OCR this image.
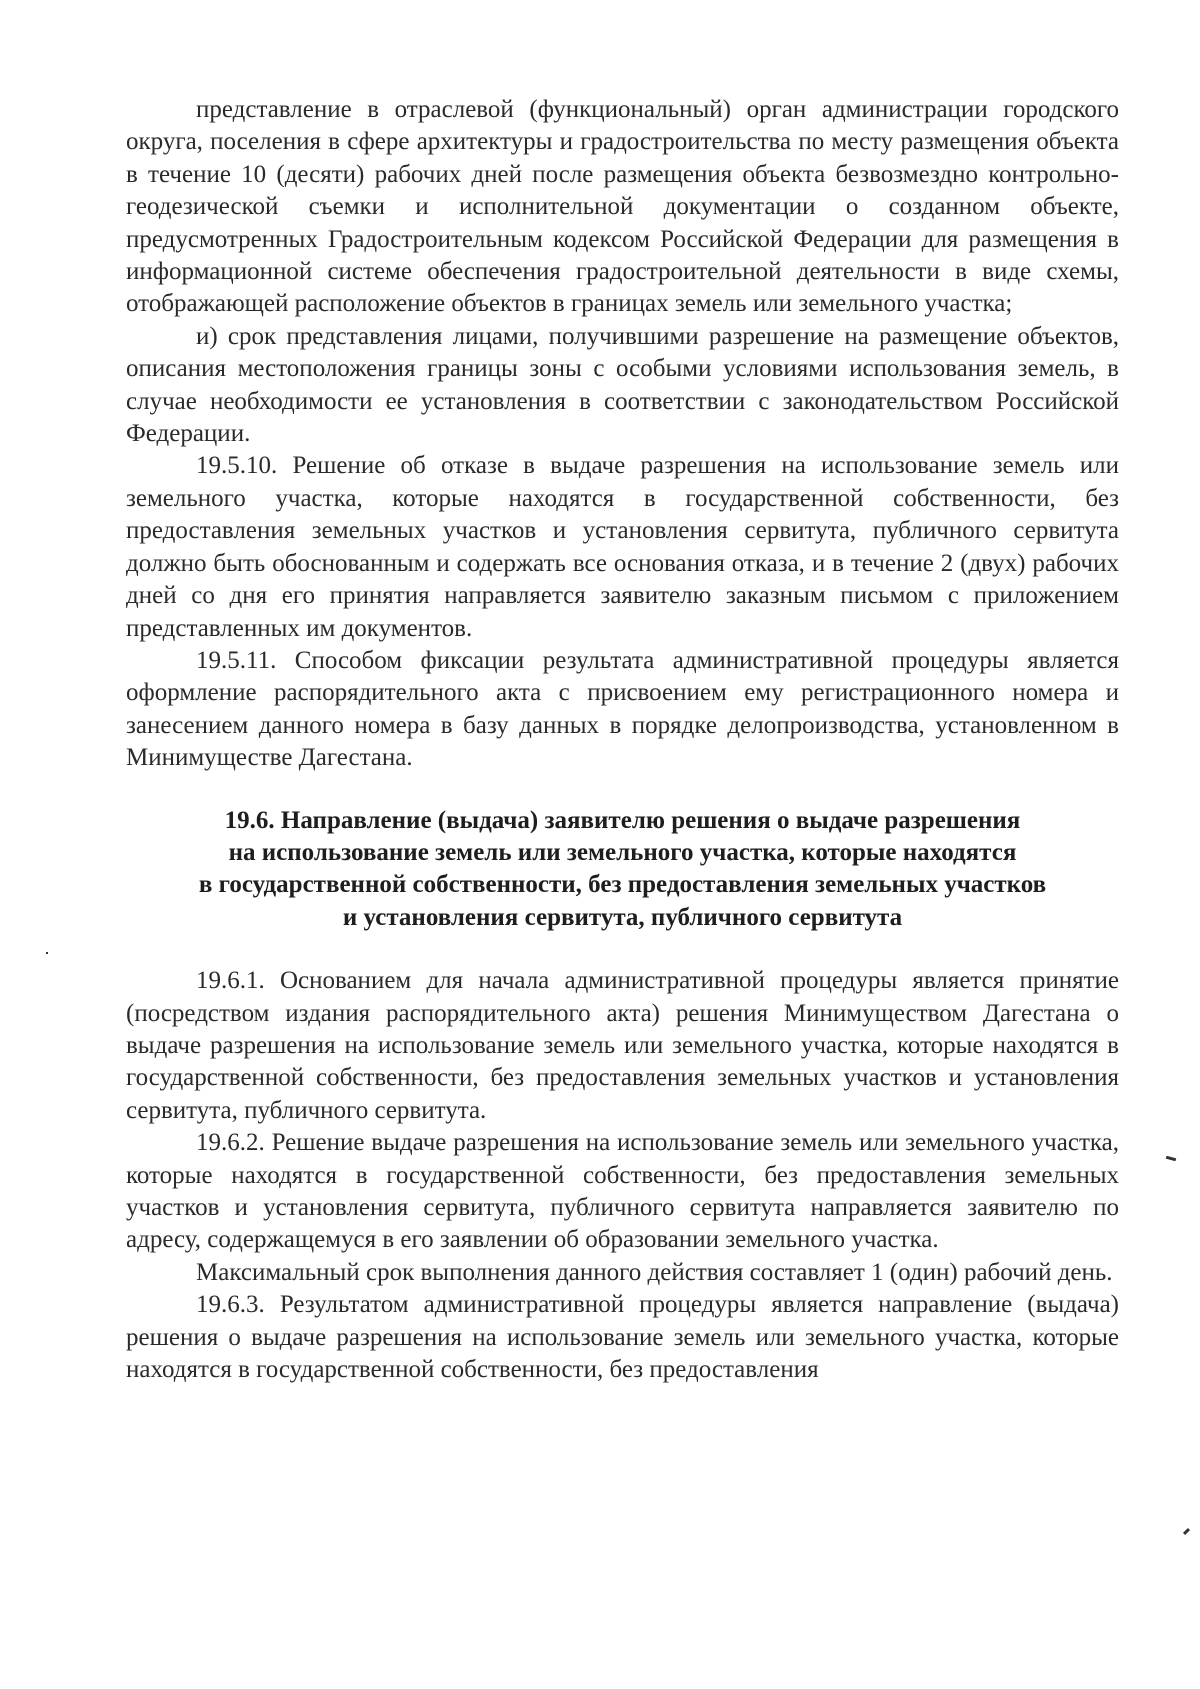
представление в отраслевой (функциональный) орган администрации городского округа, поселения в сфере архитектуры и градостроительства по месту размещения объекта в течение 10 (десяти) рабочих дней после размещения объекта безвозмездно контрольно-геодезической съемки и исполнительной документации о созданном объекте, предусмотренных Градостроительным кодексом Российской Федерации для размещения в информационной системе обеспечения градостроительной деятельности в виде схемы, отображающей расположение объектов в границах земель или земельного участка;

и) срок представления лицами, получившими разрешение на размещение объектов, описания местоположения границы зоны с особыми условиями использования земель, в случае необходимости ее установления в соответствии с законодательством Российской Федерации.

19.5.10. Решение об отказе в выдаче разрешения на использование земель или земельного участка, которые находятся в государственной собственности, без предоставления земельных участков и установления сервитута, публичного сервитута должно быть обоснованным и содержать все основания отказа, и в течение 2 (двух) рабочих дней со дня его принятия направляется заявителю заказным письмом с приложением представленных им документов.

19.5.11. Способом фиксации результата административной процедуры является оформление распорядительного акта с присвоением ему регистрационного номера и занесением данного номера в базу данных в порядке делопроизводства, установленном в Минимуществе Дагестана.

19.6. Направление (выдача) заявителю решения о выдаче разрешения
на использование земель или земельного участка, которые находятся
в государственной собственности, без предоставления земельных участков
и установления сервитута, публичного сервитута

19.6.1. Основанием для начала административной процедуры является принятие (посредством издания распорядительного акта) решения Минимуществом Дагестана о выдаче разрешения на использование земель или земельного участка, которые находятся в государственной собственности, без предоставления земельных участков и установления сервитута, публичного сервитута.

19.6.2. Решение выдаче разрешения на использование земель или земельного участка, которые находятся в государственной собственности, без предоставления земельных участков и установления сервитута, публичного сервитута направляется заявителю по адресу, содержащемуся в его заявлении об образовании земельного участка.

Максимальный срок выполнения данного действия составляет 1 (один) рабочий день.

19.6.3. Результатом административной процедуры является направление (выдача) решения о выдаче разрешения на использование земель или земельного участка, которые находятся в государственной собственности, без предоставления
